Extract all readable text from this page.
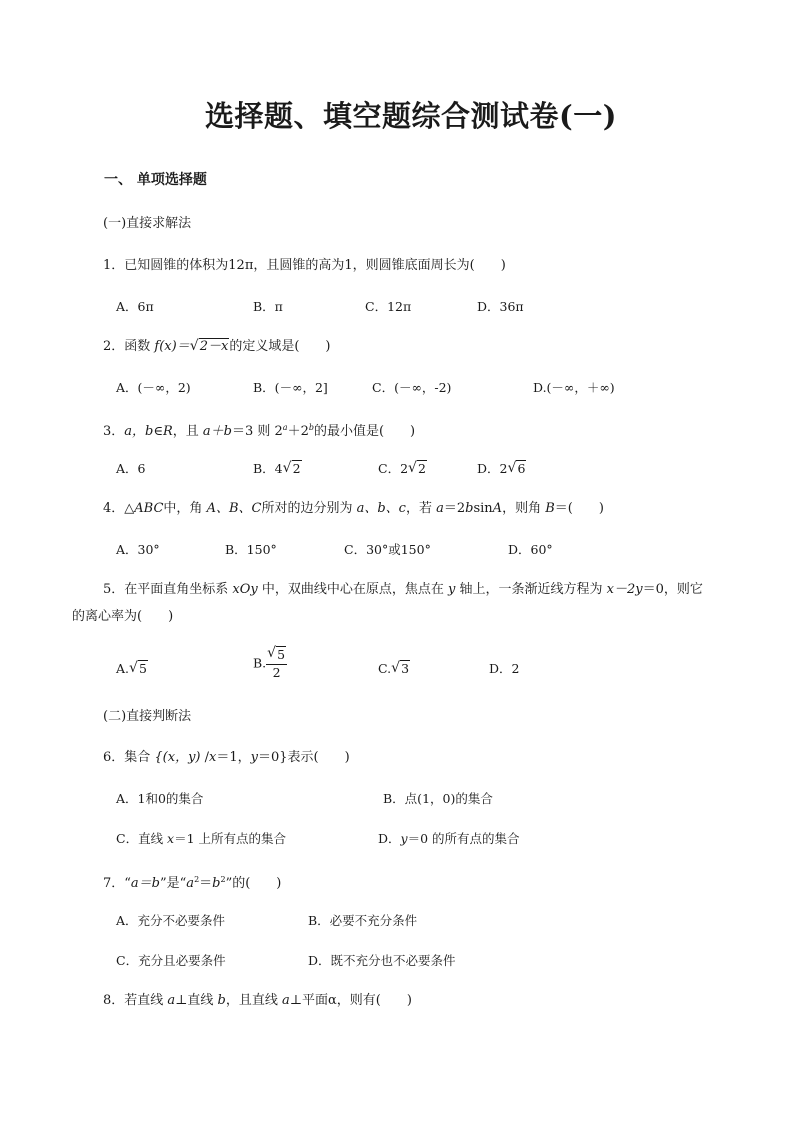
选择题、填空题综合测试卷(一)
一、 单项选择题
(一)直接求解法
1．已知圆锥的体积为12π，且圆锥的高为1，则圆锥底面周长为(　　)
A．6π	B．π	C．12π	D．36π
2．函数 f(x)＝ √ 2－x的定义域是(　　)
A．(－∞，2)	B．(－∞，2]	C．(－∞，-2)	D.(－∞，＋∞)
3．a，b∈R，且 a＋b＝3 则 $2^a+2^b$的最小值是(　　)
A．6	B．4 √ 2	C．2 √ 2	D．2 √ 6
4．△ABC中，角 A、B、C所对的边分别为 a、b、c，若 a＝2bsinA，则角 B＝(　　)
A．30°	B．150°	C．30°或150°	D．60°
5．在平面直角坐标系 xOy 中，双曲线中心在原点，焦点在 y 轴上，一条渐近线方程为 x－2y＝0，则它
的离心率为(　　)
A. √ 5	B. $\frac{√ 5}{2}$	C. √ 3	D．2
(二)直接判断法
6．集合 {(x，y) /x＝1，y＝0}表示(　　)
A．1和0的集合	B．点(1，0)的集合
C．直线 x＝1 上所有点的集合	D．y＝0 的所有点的集合
7．“a＝b”是“$a^2=b^2$”的(　　)
A．充分不必要条件	B．必要不充分条件
C．充分且必要条件	D．既不充分也不必要条件
8．若直线 a⊥直线 b，且直线 a⊥平面α，则有(　　)
